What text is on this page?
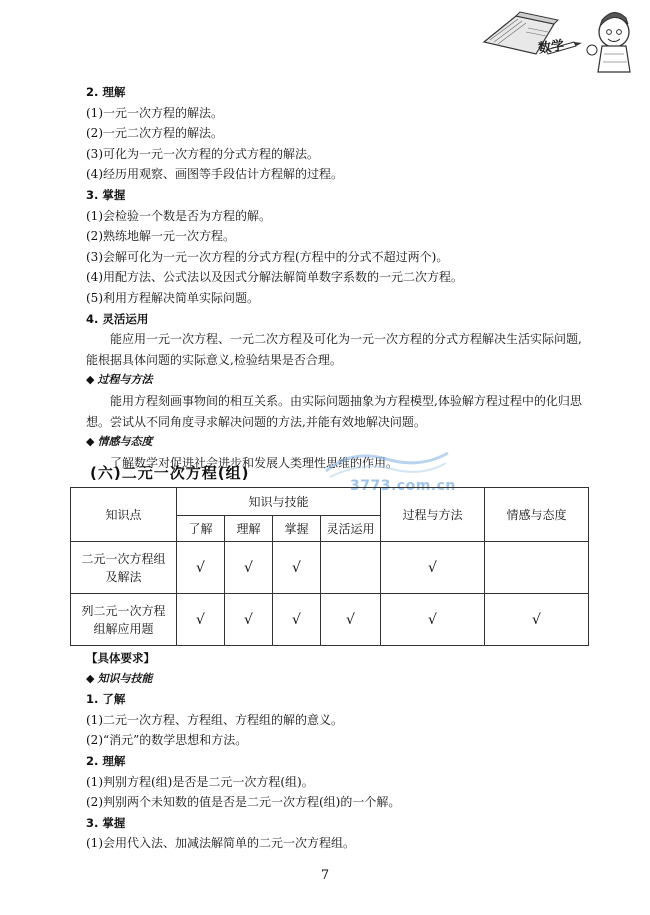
数学
2. 理解
(1)一元一次方程的解法。
(2)一元二次方程的解法。
(3)可化为一元一次方程的分式方程的解法。
(4)经历用观察、画图等手段估计方程解的过程。
3. 掌握
(1)会检验一个数是否为方程的解。
(2)熟练地解一元一次方程。
(3)会解可化为一元一次方程的分式方程(方程中的分式不超过两个)。
(4)用配方法、公式法以及因式分解法解简单数字系数的一元二次方程。
(5)利用方程解决简单实际问题。
4. 灵活运用
能应用一元一次方程、一元二次方程及可化为一元一次方程的分式方程解决生活实际问题,能根据具体问题的实际意义,检验结果是否合理。
◆ 过程与方法
能用方程刻画事物间的相互关系。由实际问题抽象为方程模型,体验解方程过程中的化归思想。尝试从不同角度寻求解决问题的方法,并能有效地解决问题。
◆ 情感与态度
了解数学对促进社会进步和发展人类理性思维的作用。
3773.com.cn
(六)二元一次方程(组)
知识点	知识与技能				过程与方法	情感与态度
	了解	理解	掌握	灵活运用		

二元一次方程组
及解法	√	√	√		√	

列二元一次方程
组解应用题	√	√	√	√	√	√
【具体要求】
◆ 知识与技能
1. 了解
(1)二元一次方程、方程组、方程组的解的意义。
(2)“消元”的数学思想和方法。
2. 理解
(1)判别方程(组)是否是二元一次方程(组)。
(2)判别两个未知数的值是否是二元一次方程(组)的一个解。
3. 掌握
(1)会用代入法、加减法解简单的二元一次方程组。
7
